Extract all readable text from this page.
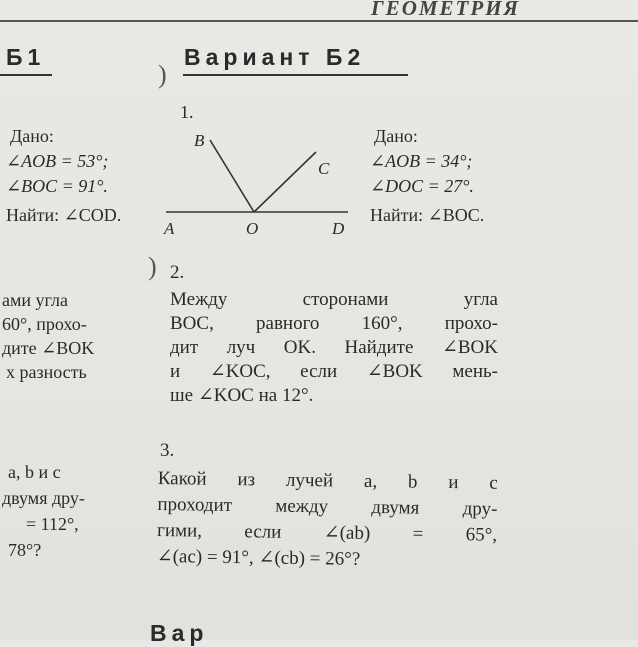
ГЕОМЕТРИЯ
Б1
Дано:
∠AOB = 53°;
∠BOC = 91°.
Найти: ∠COD.
ами угла
60°, прохо-
дите ∠BOK
х разность
a, b и c
двумя дру-
= 112°,
78°?
Вариант Б2
)
)
1.
B
C
A	O	D
Дано:
∠AOB = 34°;
∠DOC = 27°.
Найти: ∠BOC.
2.
Между сторонами угла
BOC, равного 160°, прохо-
дит луч OK. Найдите ∠BOK
и ∠KOC, если ∠BOK мень-
ше ∠KOC на 12°.
3.
Какой из лучей a, b и c
проходит между двумя дру-
гими, если ∠(ab) = 65°,
∠(ac) = 91°, ∠(cb) = 26°?
Вар
